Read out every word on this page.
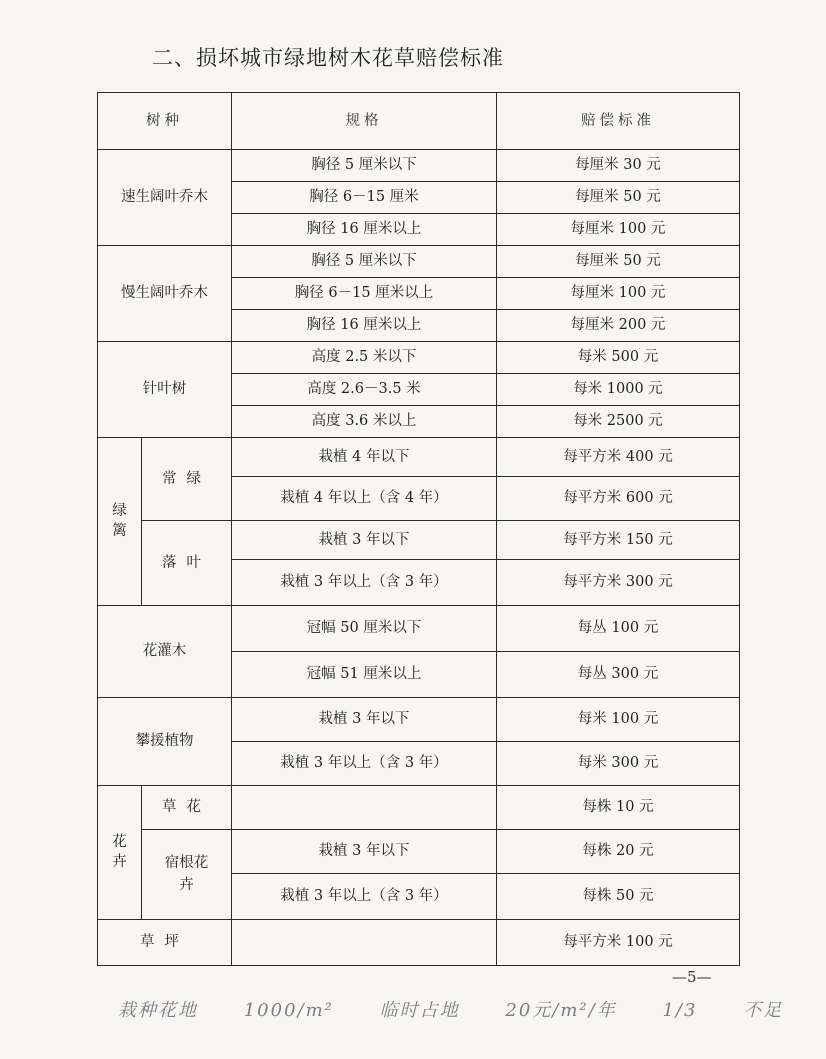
二、损坏城市绿地树木花草赔偿标准
树种		规格	赔偿标准
速生阔叶乔木		胸径 5 厘米以下	每厘米 30 元
		胸径 6－15 厘米	每厘米 50 元
		胸径 16 厘米以上	每厘米 100 元
慢生阔叶乔木		胸径 5 厘米以下	每厘米 50 元
		胸径 6－15 厘米以上	每厘米 100 元
		胸径 16 厘米以上	每厘米 200 元
针叶树		高度 2.5 米以下	每米 500 元
		高度 2.6－3.5 米	每米 1000 元
		高度 3.6 米以上	每米 2500 元
绿篱	常绿	栽植 4 年以下	每平方米 400 元
		栽植 4 年以上（含 4 年）	每平方米 600 元
	落叶	栽植 3 年以下	每平方米 150 元
		栽植 3 年以上（含 3 年）	每平方米 300 元
花灌木		冠幅 50 厘米以下	每丛 100 元
		冠幅 51 厘米以上	每丛 300 元
攀援植物		栽植 3 年以下	每米 100 元
		栽植 3 年以上（含 3 年）	每米 300 元
花卉	草花		每株 10 元
	宿根花卉	栽植 3 年以下	每株 20 元
		栽植 3 年以上（含 3 年）	每株 50 元
草坪			每平方米 100 元
—5—
栽种花地	1000/m²	临时占地	20元/m²/年	1/3	不足
